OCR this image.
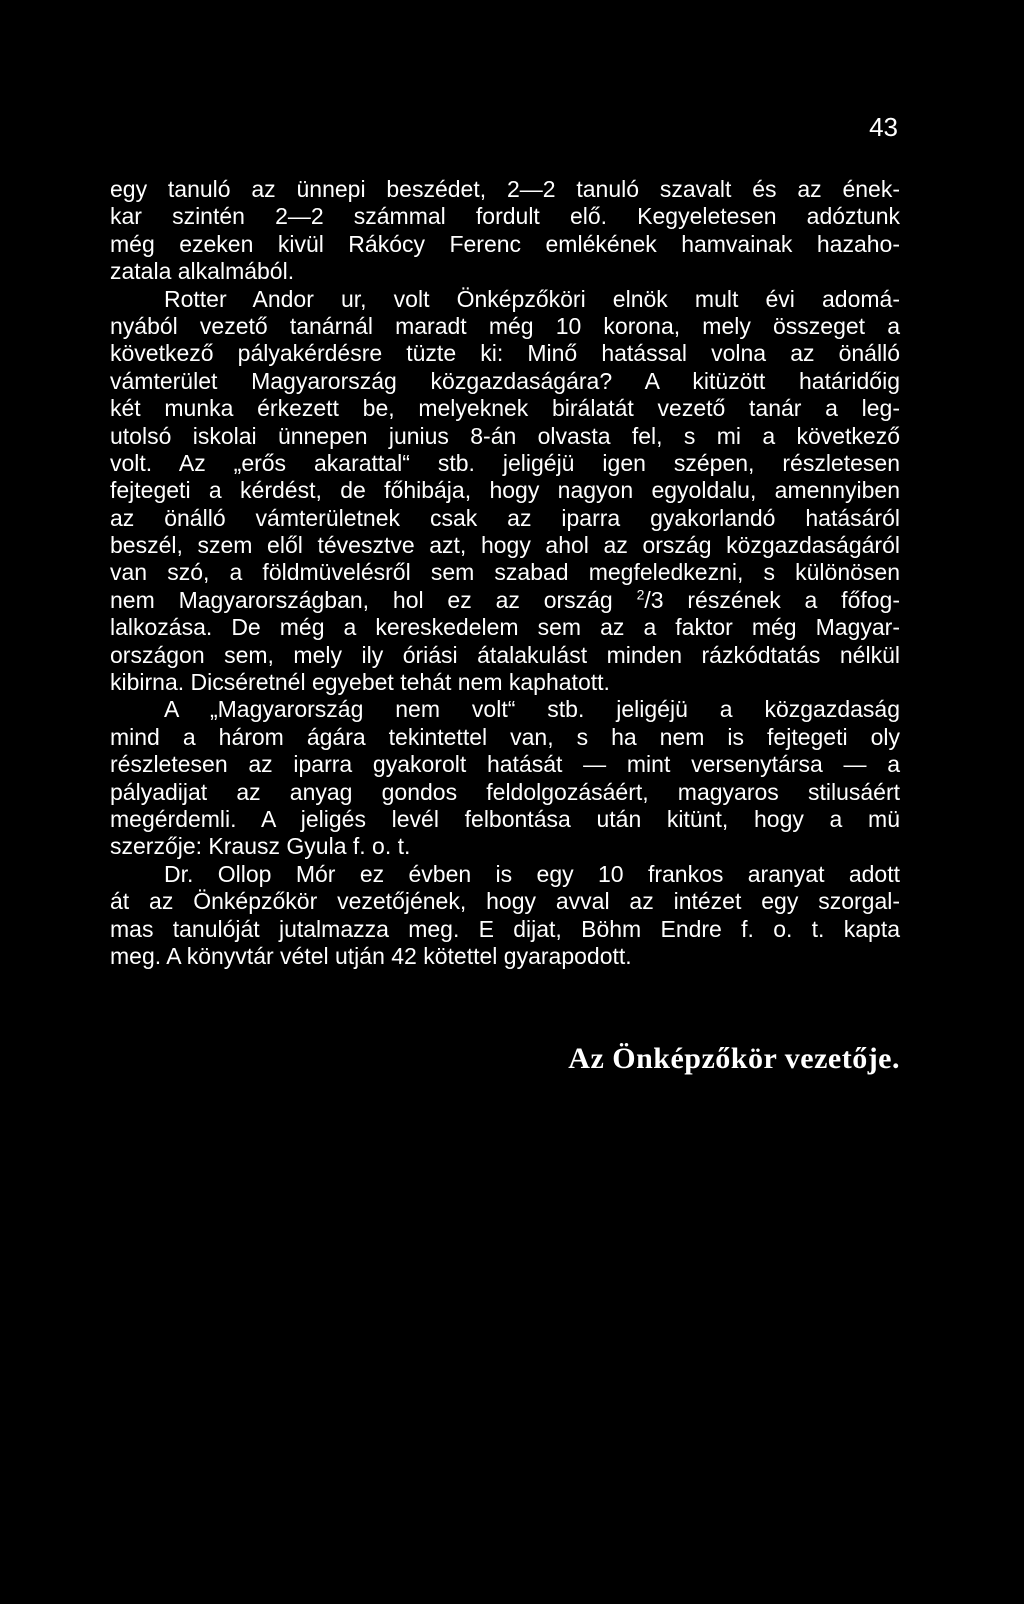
43
egy tanuló az ünnepi beszédet, 2—2 tanuló szavalt és az ének-
kar szintén 2—2 számmal fordult elő. Kegyeletesen adóztunk
még ezeken kivül Rákócy Ferenc emlékének hamvainak hazaho-
zatala alkalmából.
Rotter Andor ur, volt Önképzőköri elnök mult évi adomá-
nyából vezető tanárnál maradt még 10 korona, mely összeget a
következő pályakérdésre tüzte ki: Minő hatással volna az önálló
vámterület Magyarország közgazdaságára? A kitüzött határidőig
két munka érkezett be, melyeknek birálatát vezető tanár a leg-
utolsó iskolai ünnepen junius 8-án olvasta fel, s mi a következő
volt. Az „erős akarattal“ stb. jeligéjü igen szépen, részletesen
fejtegeti a kérdést, de főhibája, hogy nagyon egyoldalu, amennyiben
az önálló vámterületnek csak az iparra gyakorlandó hatásáról
beszél, szem elől tévesztve azt, hogy ahol az ország közgazdaságáról
van szó, a földmüvelésről sem szabad megfeledkezni, s különösen
nem Magyarországban, hol ez az ország $^2$/3 részének a főfog-
lalkozása. De még a kereskedelem sem az a faktor még Magyar-
országon sem, mely ily óriási átalakulást minden rázkódtatás nélkül
kibirna. Dicséretnél egyebet tehát nem kaphatott.
A „Magyarország nem volt“ stb. jeligéjü a közgazdaság
mind a három ágára tekintettel van, s ha nem is fejtegeti oly
részletesen az iparra gyakorolt hatását — mint versenytársa — a
pályadijat az anyag gondos feldolgozásáért, magyaros stilusáért
megérdemli. A jeligés levél felbontása után kitünt, hogy a mü
szerzője: Krausz Gyula f. o. t.
Dr. Ollop Mór ez évben is egy 10 frankos aranyat adott
át az Önképzőkör vezetőjének, hogy avval az intézet egy szorgal-
mas tanulóját jutalmazza meg. E dijat, Böhm Endre f. o. t. kapta
meg. A könyvtár vétel utján 42 kötettel gyarapodott.
Az Önképzőkör vezetője.
